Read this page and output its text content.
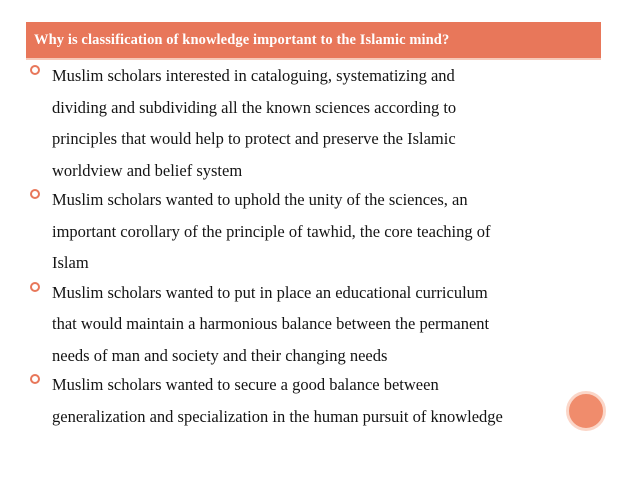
Why is classification of knowledge important to the Islamic mind?
Muslim scholars interested in cataloguing, systematizing and
dividing and subdividing all the known sciences according to
principles that would help to protect and preserve the Islamic
worldview and belief system
Muslim scholars wanted to uphold the unity of the sciences, an
important corollary of the principle of tawhid, the core teaching of
Islam
Muslim scholars wanted to put in place an educational curriculum
that would maintain a harmonious balance between the permanent
needs of man and society and their changing needs
Muslim scholars wanted to secure a good balance between
generalization and specialization in the human pursuit of knowledge
